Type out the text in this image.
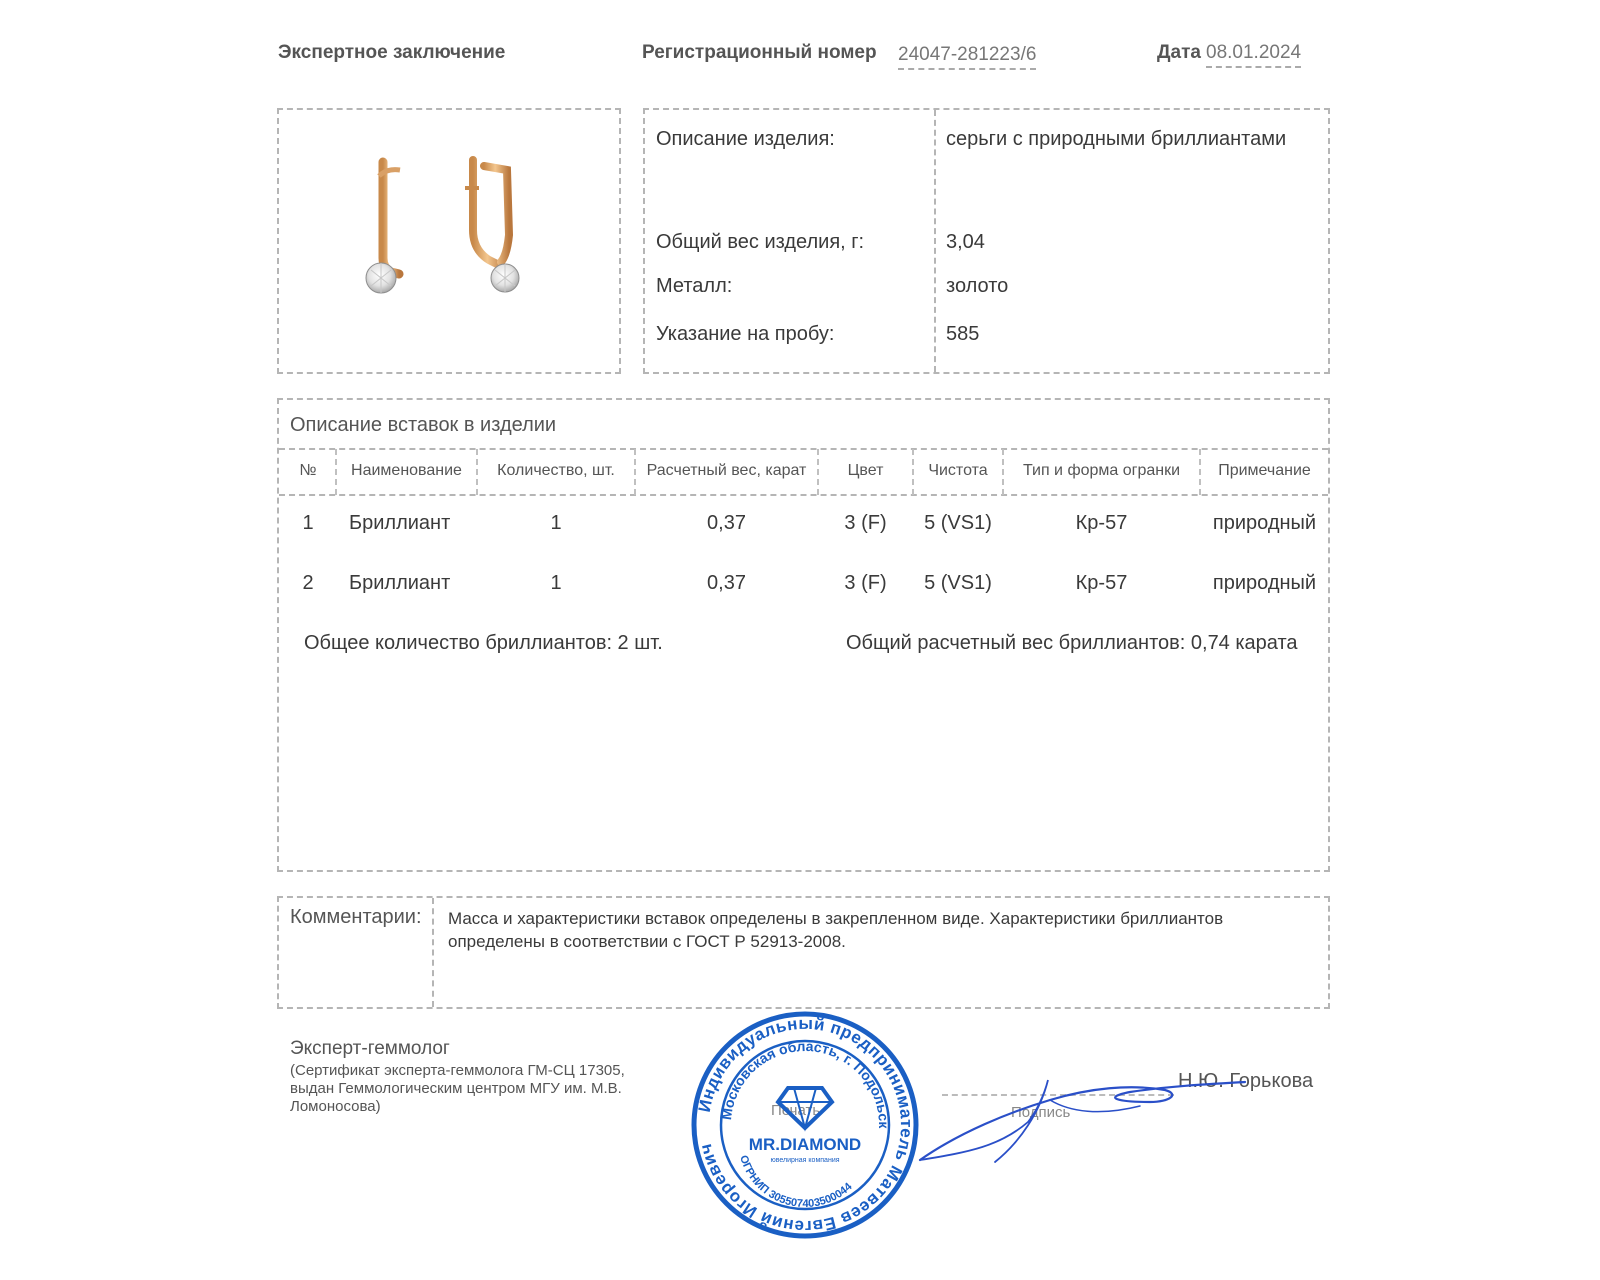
Экспертное заключение	Регистрационный номер 24047-281223/6	Дата 08.01.2024
Описание изделия:	серьги с природными бриллиантами
Общий вес изделия, г:	3,04
Металл:	золото
Указание на пробу:	585
Описание вставок в изделии
№	Наименование	Количество, шт.	Расчетный вес, карат	Цвет	Чистота	Тип и форма огранки	Примечание
1	Бриллиант	1	0,37	3 (F)	5 (VS1)	Кр-57	природный
2	Бриллиант	1	0,37	3 (F)	5 (VS1)	Кр-57	природный
Общее количество бриллиантов: 2 шт.	Общий расчетный вес бриллиантов: 0,74 карата
Комментарии: Масса и характеристики вставок определены в закрепленном виде. Характеристики бриллиантов определены в соответствии с ГОСТ Р 52913-2008.
Эксперт-геммолог
(Сертификат эксперта-геммолога ГМ-СЦ 17305, выдан Геммологическим центром МГУ им. М.В. Ломоносова)	Печать	Подпись
Н.Ю. Горькова
Индивидуальный предприниматель Матвеев Евгений Игоревич
Московская область, г. Подольск
ОГРНИП 305507403500044
MR.DIAMOND
ювелирная компания
